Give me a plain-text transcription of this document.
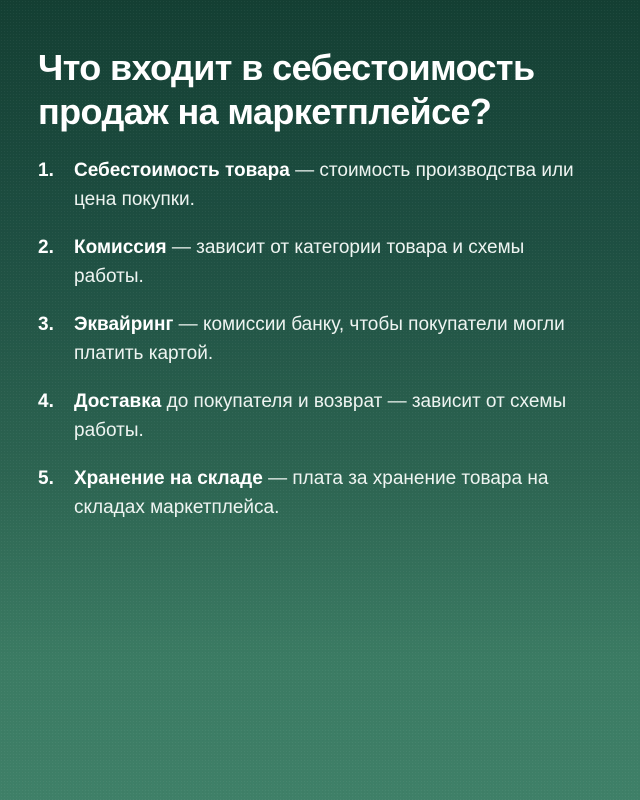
Что входит в себестоимость продаж на маркетплейсе?
1.	Себестоимость товара — стоимость производства или цена покупки.
2.	Комиссия — зависит от категории товара и схемы работы.
3.	Эквайринг — комиссии банку, чтобы покупатели могли платить картой.
4.	Доставка до покупателя и возврат — зависит от схемы работы.
5.	Хранение на складе — плата за хранение товара на складах маркетплейса.
